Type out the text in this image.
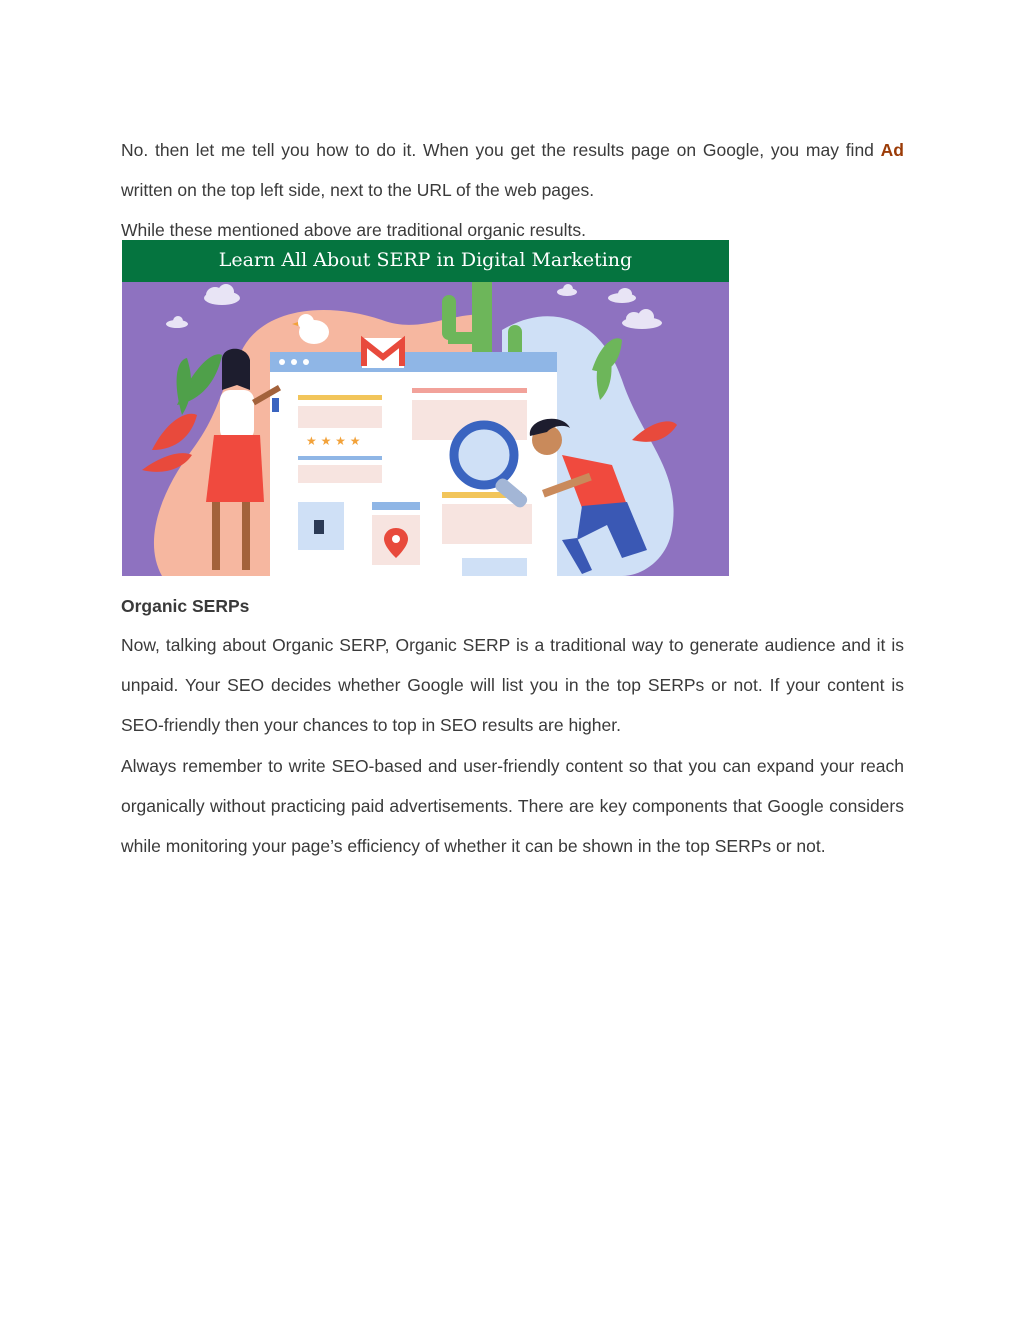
No. then let me tell you how to do it. When you get the results page on Google, you may find Ad written on the top left side, next to the URL of the web pages.

While these mentioned above are traditional organic results.

★ ★ ★ ★
Learn All About SERP in Digital Marketing
Organic SERPs

Now, talking about Organic SERP, Organic SERP is a traditional way to generate audience and it is unpaid. Your SEO decides whether Google will list you in the top SERPs or not. If your content is SEO-friendly then your chances to top in SEO results are higher.

Always remember to write SEO-based and user-friendly content so that you can expand your reach organically without practicing paid advertisements. There are key components that Google considers while monitoring your page’s efficiency of whether it can be shown in the top SERPs or not.
